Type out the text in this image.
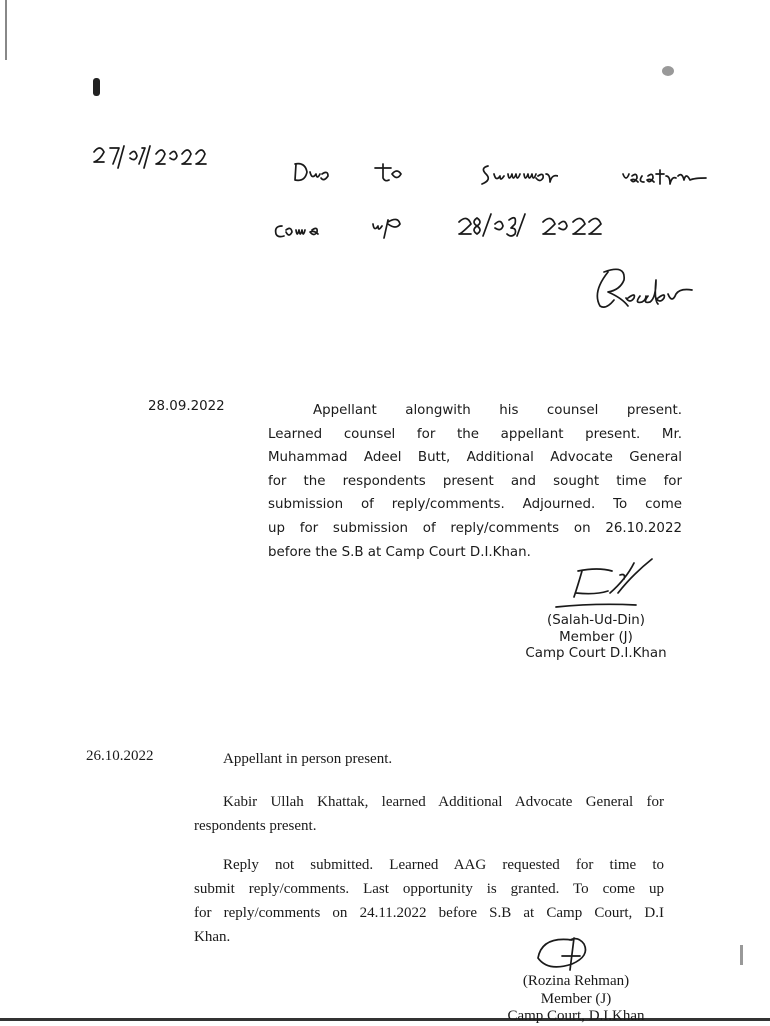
28.09.2022	Appellant alongwith his counsel present.
Learned counsel for the appellant present. Mr.
Muhammad Adeel Butt, Additional Advocate General
for the respondents present and sought time for
submission of reply/comments. Adjourned. To come
up for submission of reply/comments on 26.10.2022
before the S.B at Camp Court D.I.Khan.
(Salah-Ud-Din)
Member (J)
Camp Court D.I.Khan
26.10.2022	Appellant in person present.
Kabir Ullah Khattak, learned Additional Advocate General for
respondents present.
Reply not submitted. Learned AAG requested for time to
submit reply/comments. Last opportunity is granted. To come up
for reply/comments on 24.11.2022 before S.B at Camp Court, D.I
Khan.
(Rozina Rehman)
Member (J)
Camp Court, D.I.Khan
